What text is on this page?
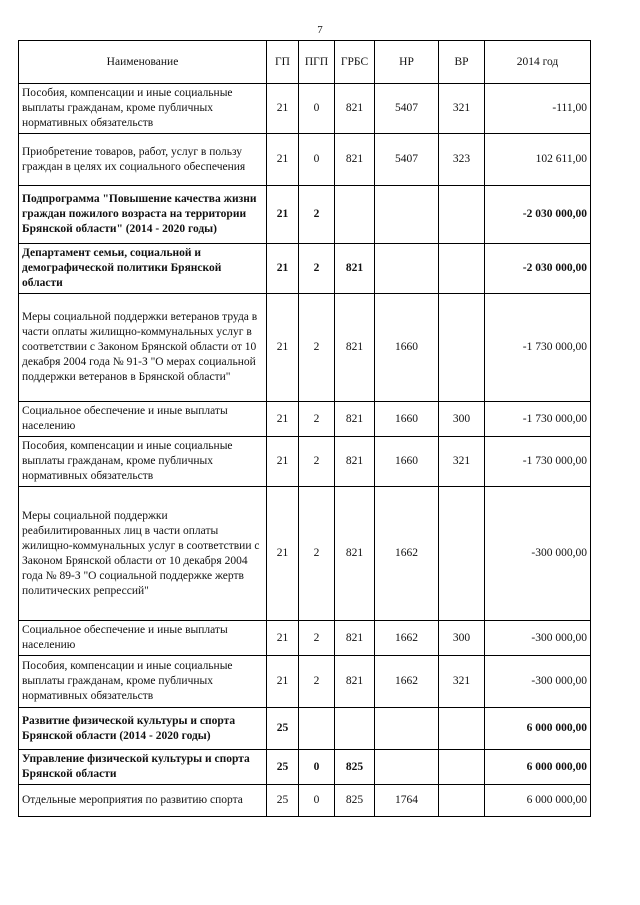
7
Наименование	ГП	ПГП	ГРБС	НР	ВР	2014 год
Пособия, компенсации и иные социальные выплаты гражданам, кроме публичных нормативных обязательств	21	0	821	5407	321	-111,00
Приобретение товаров, работ, услуг в пользу граждан в целях их социального обеспечения	21	0	821	5407	323	102 611,00
Подпрограмма "Повышение качества жизни граждан пожилого возраста на территории Брянской области" (2014 - 2020 годы)	21	2				-2 030 000,00
Департамент семьи, социальной и демографической политики Брянской области	21	2	821			-2 030 000,00
Меры социальной поддержки ветеранов труда в части оплаты жилищно-коммунальных услуг в соответствии с Законом Брянской области от 10 декабря 2004 года № 91-З "О мерах социальной поддержки ветеранов в Брянской области"	21	2	821	1660		-1 730 000,00
Социальное обеспечение и иные выплаты населению	21	2	821	1660	300	-1 730 000,00
Пособия, компенсации и иные социальные выплаты гражданам, кроме публичных нормативных обязательств	21	2	821	1660	321	-1 730 000,00
Меры социальной поддержки реабилитированных лиц в части оплаты жилищно-коммунальных услуг в соответствии с Законом Брянской области от 10 декабря 2004 года № 89-З "О социальной поддержке жертв политических репрессий"	21	2	821	1662		-300 000,00
Социальное обеспечение и иные выплаты населению	21	2	821	1662	300	-300 000,00
Пособия, компенсации и иные социальные выплаты гражданам, кроме публичных нормативных обязательств	21	2	821	1662	321	-300 000,00
Развитие физической культуры и спорта Брянской области (2014 - 2020 годы)	25					6 000 000,00
Управление физической культуры и спорта Брянской области	25	0	825			6 000 000,00
Отдельные мероприятия по развитию спорта	25	0	825	1764		6 000 000,00
